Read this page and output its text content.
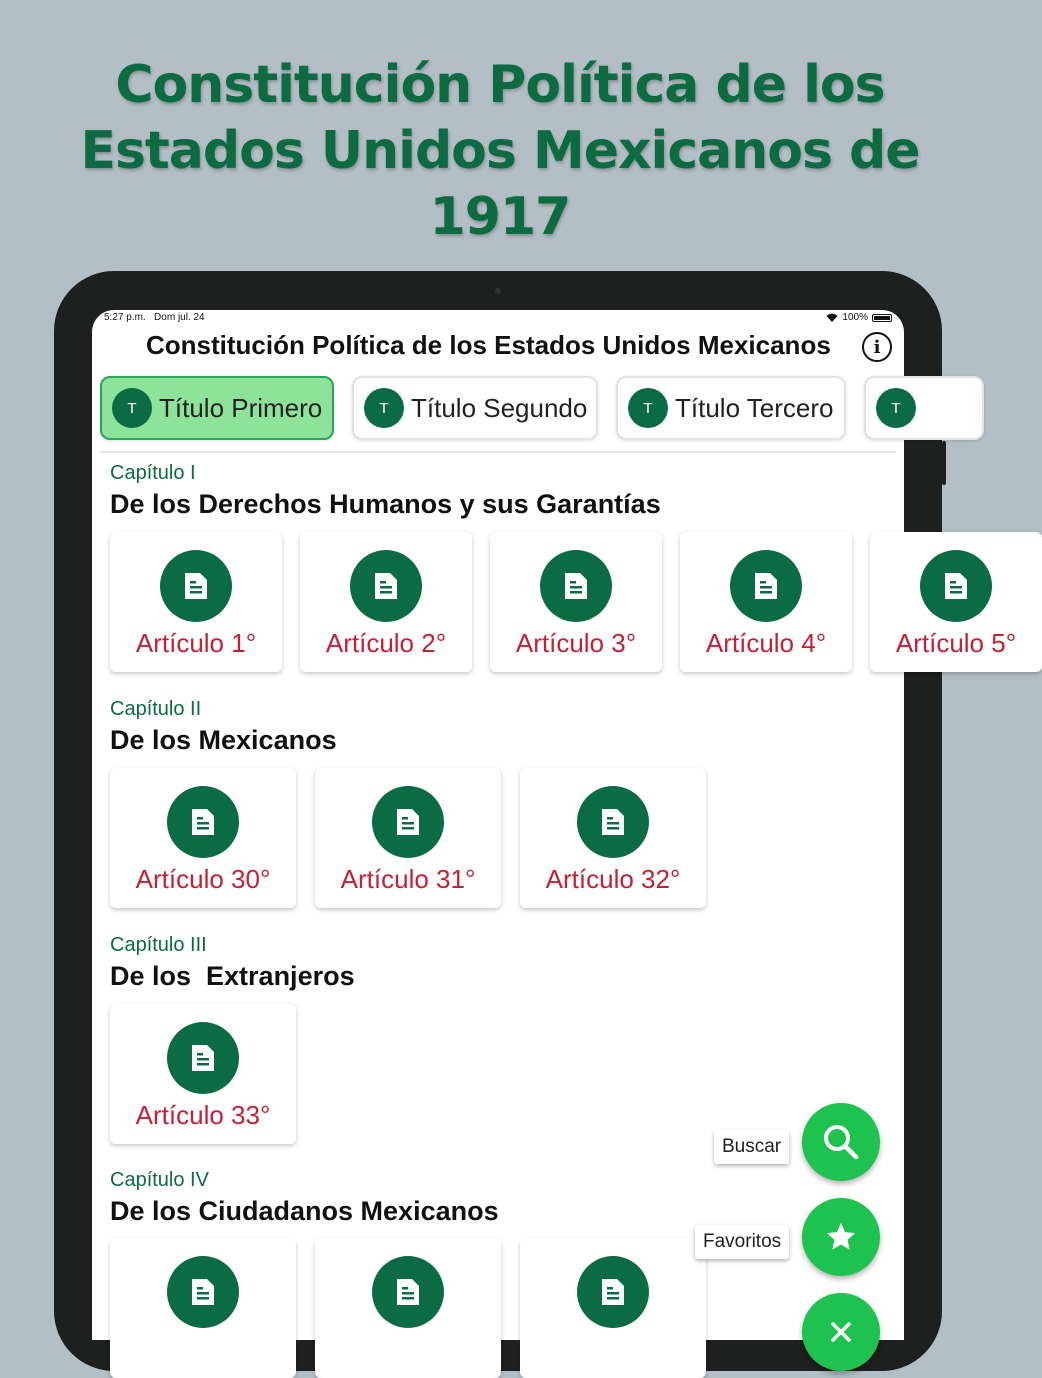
Constitución Política de los
Estados Unidos Mexicanos de
1917
5:27 p.m. Dom jul. 24	100%
Constitución Política de los Estados Unidos Mexicanos	i
T Título Primero	T Título Segundo	T Título Tercero	T
Capítulo I
De los Derechos Humanos y sus Garantías
Artículo 1°	Artículo 2°	Artículo 3°	Artículo 4°	Artículo 5°
Capítulo II
De los Mexicanos
Artículo 30°	Artículo 31°	Artículo 32°
Capítulo III
De los  Extranjeros
Artículo 33°
Capítulo IV
De los Ciudadanos Mexicanos
Buscar
Favoritos
